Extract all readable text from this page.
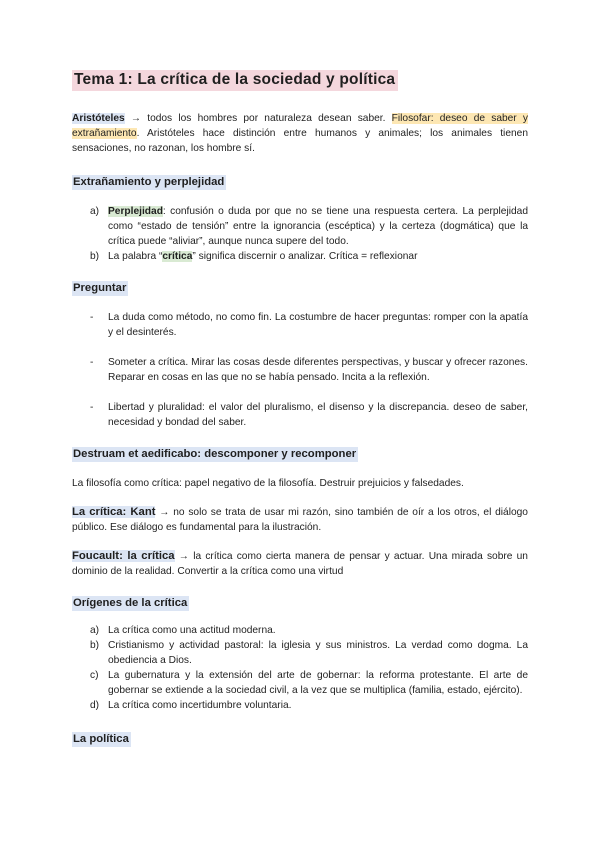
Tema 1: La crítica de la sociedad y política

Aristóteles → todos los hombres por naturaleza desean saber. Filosofar: deseo de saber y extrañamiento. Aristóteles hace distinción entre humanos y animales; los animales tienen sensaciones, no razonan, los hombre sí.

Extrañamiento y perplejidad
a) Perplejidad: confusión o duda por que no se tiene una respuesta certera. La perplejidad como “estado de tensión” entre la ignorancia (escéptica) y la certeza (dogmática) que la crítica puede “aliviar”, aunque nunca supere del todo.
b) La palabra “crítica” significa discernir o analizar. Crítica = reflexionar
Preguntar
- La duda como método, no como fin. La costumbre de hacer preguntas: romper con la apatía y el desinterés.
- Someter a crítica. Mirar las cosas desde diferentes perspectivas, y buscar y ofrecer razones. Reparar en cosas en las que no se había pensado. Incita a la reflexión.
- Libertad y pluralidad: el valor del pluralismo, el disenso y la discrepancia. deseo de saber, necesidad y bondad del saber.
Destruam et aedificabo: descomponer y recomponer

La filosofía como crítica: papel negativo de la filosofía. Destruir prejuicios y falsedades.

La crítica: Kant → no solo se trata de usar mi razón, sino también de oír a los otros, el diálogo público. Ese diálogo es fundamental para la ilustración.

Foucault: la crítica → la crítica como cierta manera de pensar y actuar. Una mirada sobre un dominio de la realidad. Convertir a la crítica como una virtud

Orígenes de la crítica
a) La crítica como una actitud moderna.
b) Cristianismo y actividad pastoral: la iglesia y sus ministros. La verdad como dogma. La obediencia a Dios.
c) La gubernatura y la extensión del arte de gobernar: la reforma protestante. El arte de gobernar se extiende a la sociedad civil, a la vez que se multiplica (familia, estado, ejército).
d) La crítica como incertidumbre voluntaria.
La política
